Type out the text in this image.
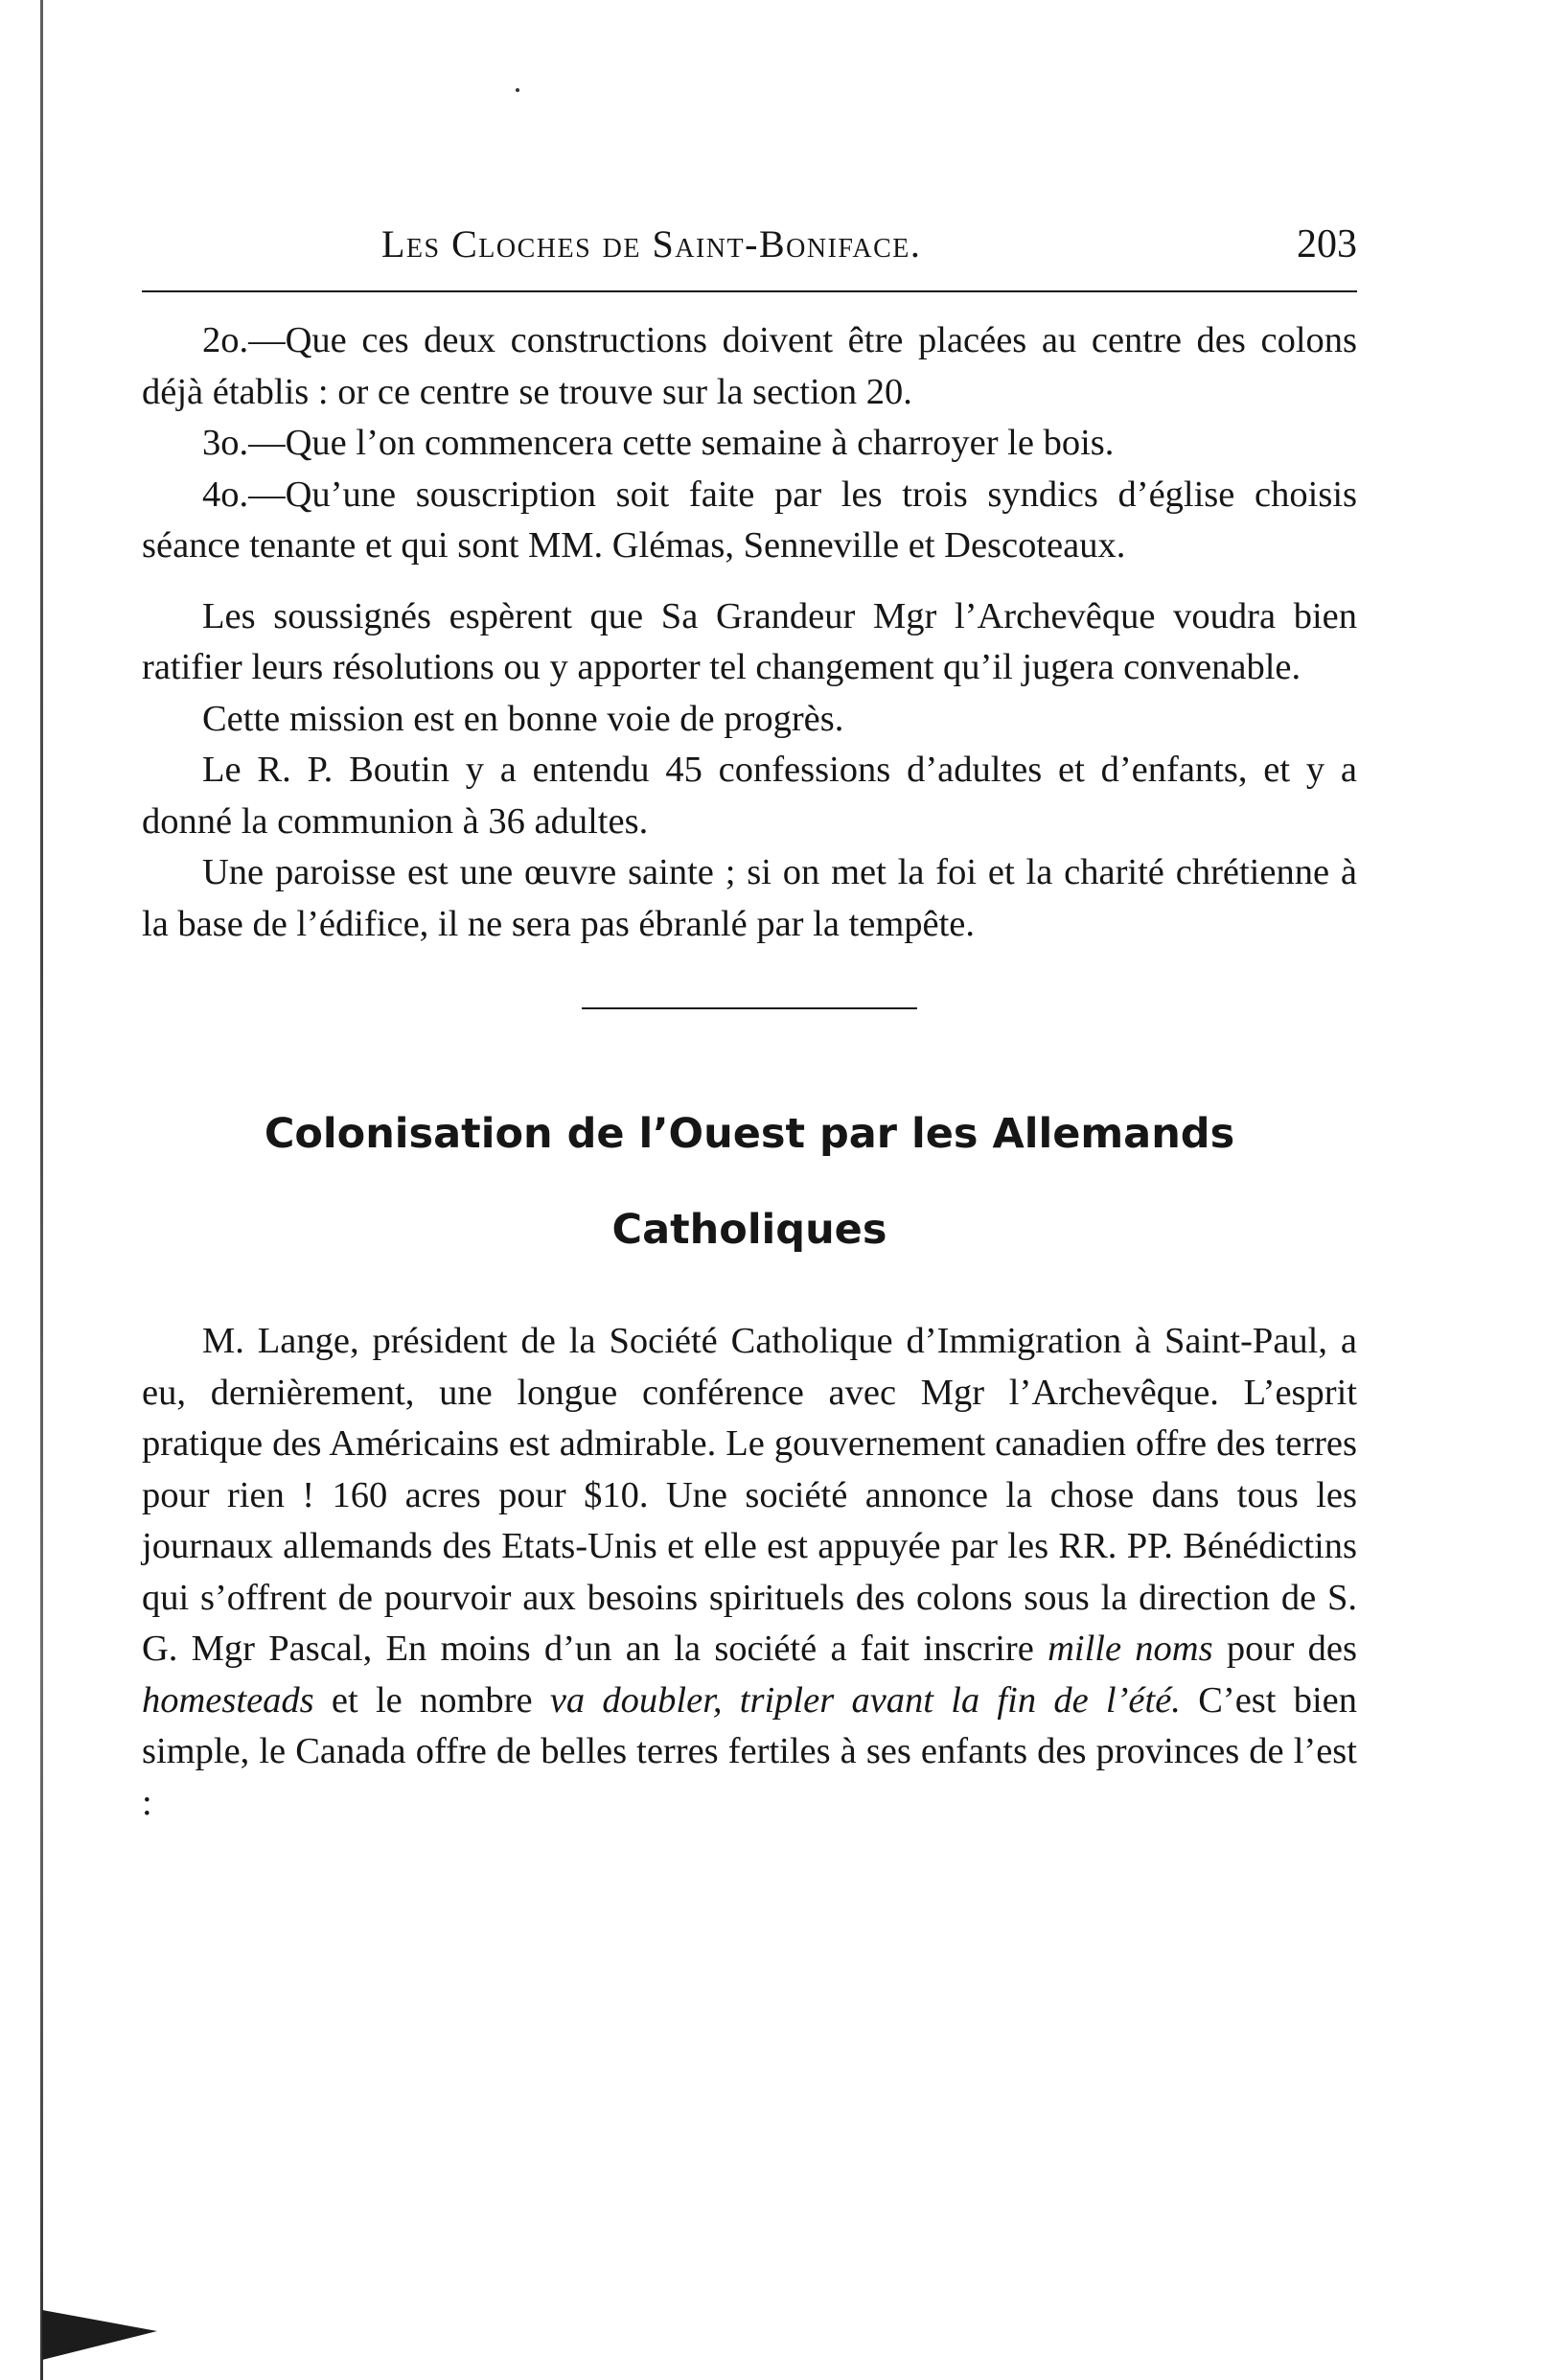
Les Cloches de Saint-Boniface.	203

2o.—Que ces deux constructions doivent être placées au centre des colons déjà établis : or ce centre se trouve sur la section 20.

3o.—Que l’on commencera cette semaine à charroyer le bois.

4o.—Qu’une souscription soit faite par les trois syndics d’église choisis séance tenante et qui sont MM. Glémas, Senneville et Descoteaux.

Les soussignés espèrent que Sa Grandeur Mgr l’Archevêque voudra bien ratifier leurs résolutions ou y apporter tel changement qu’il jugera convenable.

Cette mission est en bonne voie de progrès.

Le R. P. Boutin y a entendu 45 confessions d’adultes et d’enfants, et y a donné la communion à 36 adultes.

Une paroisse est une œuvre sainte ; si on met la foi et la charité chrétienne à la base de l’édifice, il ne sera pas ébranlé par la tempête.

Colonisation de l’Ouest par les Allemands
Catholiques

M. Lange, président de la Société Catholique d’Immigration à Saint-Paul, a eu, dernièrement, une longue conférence avec Mgr l’Archevêque. L’esprit pratique des Américains est admirable. Le gouvernement canadien offre des terres pour rien ! 160 acres pour $10. Une société annonce la chose dans tous les journaux allemands des Etats-Unis et elle est appuyée par les RR. PP. Bénédictins qui s’offrent de pourvoir aux besoins spirituels des colons sous la direction de S. G. Mgr Pascal, En moins d’un an la société a fait inscrire mille noms pour des homesteads et le nombre va doubler, tripler avant la fin de l’été. C’est bien simple, le Canada offre de belles terres fertiles à ses enfants des provinces de l’est :
